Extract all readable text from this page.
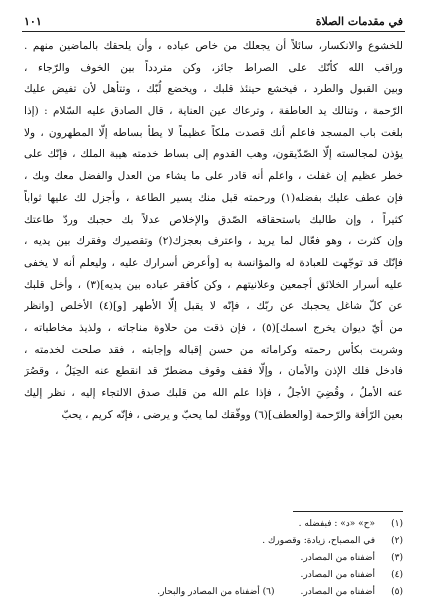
في مقدمات الصلاة
١٠١
للخشوع والانكسار، سائلاً أن يجعلك من خاص عباده ، وأن يلحقك بالماضين منهم .
وراقب الله كأنّك على الصراط جائز، وكن متردداً بين الخوف والرّجاء ،
وبين القبول والطرد ، فيخشع حينئذ قلبك ، ويخضع لُبّك ، وتتأهل لأن تفيض عليك
الرّحمة ، وتنالك يد العاطفة ، وترعاك عين العناية ، قال الصادق عليه السّلام : (إذا
بلغت باب المسجد فاعلم أنك قصدت ملكاً عظيماً لا يطأ بساطه إلّا المطهرون ، ولا
يؤذن لمجالسته إلّا الصّدّيقون، وهب القدوم إلى بساط خدمته هيبة الملك ، فإنّك على
خطر عظيم إن غفلت ، واعلم أنه قادر على ما يشاء من العدل والفضل معك وبك ،
فإن عطف عليك بفضله(١) ورحمته قبل منك يسير الطاعة ، وأجزل لك عليها ثواباً
كثيراً ، وإن طالبك باستحقاقه الصّدق والإخلاص عدلاً بك حجبك وردّ طاعتك
وإن كثرت ، وهو فعّال لما يريد ، واعترف بعجزك(٢) وتقصيرك وفقرك بين يديه ،
فإنّك قد توجّهت للعبادة له والمؤانسة به [وأعرض أسرارك عليه ، وليعلم أنه لا يخفى
عليه أسرار الخلائق أجمعين وعلانيتهم ، وكن كأفقر عباده بين يديه](٣) ، وأخل قلبك
عن كلّ شاغل يحجبك عن ربّك ، فإنّه لا يقبل إلّا الأطهر [و](٤) الأخلص [وانظر
من أيّ ديوان يخرج اسمك](٥) ، فإن ذقت من حلاوة مناجاته ، ولذيذ مخاطباته ،
وشربت بكأس رحمته وكراماته من حسن إقباله وإجابته ، فقد صلحت لخدمته ،
فادخل فلك الإذن والأمان ، وإلّا فقف وقوف مضطرّ قد انقطع عنه الحِيَلُ ، وقصُرَ
عنه الأملُ ، وقُضِيَ الأجلُ ، فإذا علم الله من قلبك صدق الالتجاء إليه ، نظر إليك
بعين الرّأفة والرّحمة [والعطف](٦) ووفّقك لما يحبّ و يرضى ، فإنّه كريم ، يحبّ
(١)
«ح» «د» : فبفضله .
(٢)
في المصباح، زيادة: وقصورك .
(٣)
أضفناه من المصادر.
(٤)
أضفناه من المصادر.
(٥)
أضفناه من المصادر.
(٦) أضفناه من المصادر والبحار.
